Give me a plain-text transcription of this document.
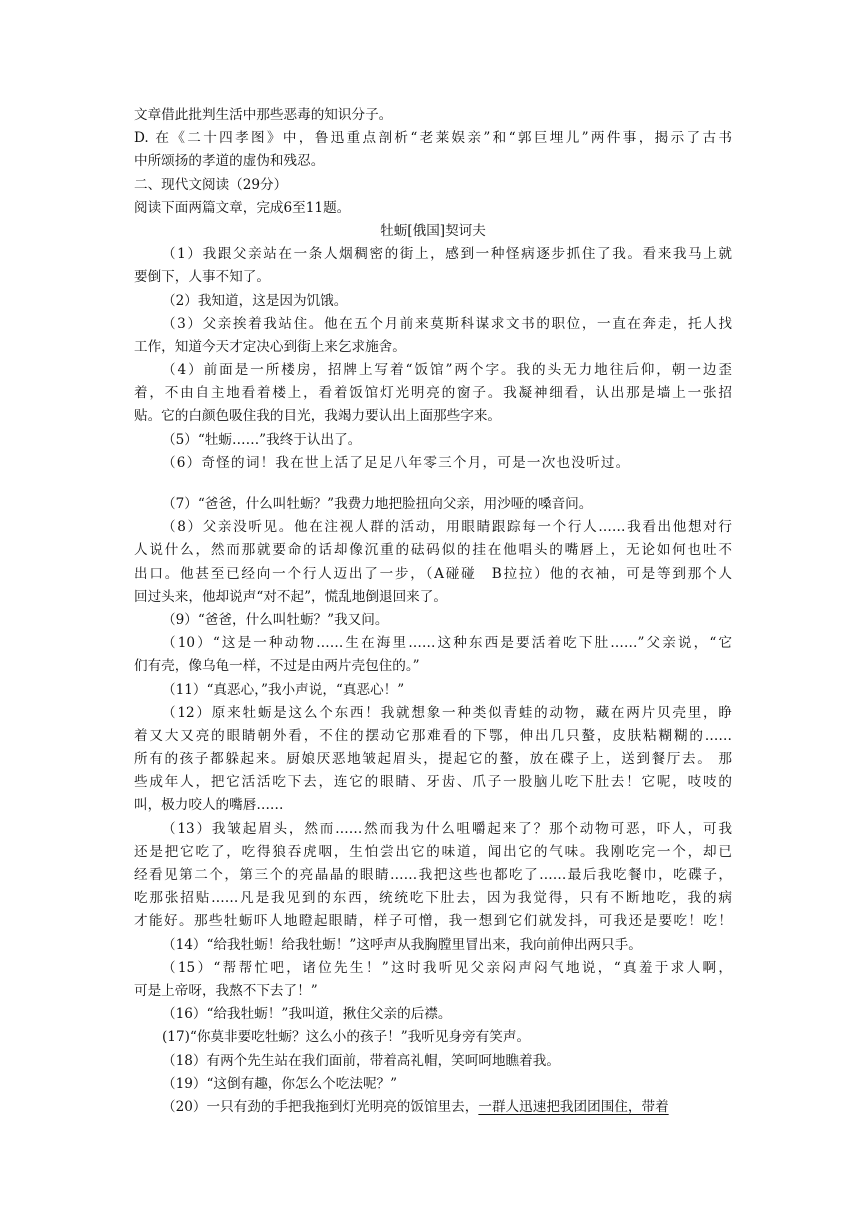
文章借此批判生活中那些恶毒的知识分子。
D. 在《二十四孝图》中，鲁迅重点剖析“老莱娱亲”和“郭巨埋儿”两件事，揭示了古书
中所颂扬的孝道的虚伪和残忍。
二、现代文阅读（29分）
阅读下面两篇文章，完成6至11题。
牡蛎[俄国]契诃夫
（1）我跟父亲站在一条人烟稠密的街上，感到一种怪病逐步抓住了我。看来我马上就
要倒下，人事不知了。
（2）我知道，这是因为饥饿。
（3）父亲挨着我站住。他在五个月前来莫斯科谋求文书的职位，一直在奔走，托人找
工作，知道今天才定决心到街上来乞求施舍。
（4）前面是一所楼房，招牌上写着“饭馆”两个字。我的头无力地往后仰，朝一边歪
着，不由自主地看着楼上，看着饭馆灯光明亮的窗子。我凝神细看，认出那是墙上一张招
贴。它的白颜色吸住我的目光，我竭力要认出上面那些字来。
（5）“牡蛎……”我终于认出了。
（6）奇怪的词！我在世上活了足足八年零三个月，可是一次也没听过。
（7）“爸爸，什么叫牡蛎？”我费力地把脸扭向父亲，用沙哑的嗓音问。
（8）父亲没听见。他在注视人群的活动，用眼睛跟踪每一个行人……我看出他想对行
人说什么，然而那就要命的话却像沉重的砝码似的挂在他唱头的嘴唇上，无论如何也吐不
出口。他甚至已经向一个行人迈出了一步，（A碰碰　B拉拉）他的衣袖，可是等到那个人
回过头来，他却说声“对不起”，慌乱地倒退回来了。
（9）“爸爸，什么叫牡蛎？”我又问。
（10）“这是一种动物……生在海里……这种东西是要活着吃下肚……”父亲说，“它
们有壳，像乌龟一样，不过是由两片壳包住的。”
（11）“真恶心，”我小声说，“真恶心！”
（12）原来牡蛎是这么个东西！我就想象一种类似青蛙的动物，藏在两片贝壳里，睁
着又大又亮的眼睛朝外看，不住的摆动它那难看的下鄂，伸出几只螯，皮肤粘糊糊的……
所有的孩子都躲起来。厨娘厌恶地皱起眉头，提起它的螯，放在碟子上，送到餐厅去。 那
些成年人，把它活活吃下去，连它的眼睛、牙齿、爪子一股脑儿吃下肚去！它呢，吱吱的
叫，极力咬人的嘴唇……
（13）我皱起眉头，然而……然而我为什么咀嚼起来了？那个动物可恶，吓人，可我
还是把它吃了，吃得狼吞虎咽，生怕尝出它的味道，闻出它的气味。我刚吃完一个，却已
经看见第二个，第三个的亮晶晶的眼睛……我把这些也都吃了……最后我吃餐巾，吃碟子，
吃那张招贴……凡是我见到的东西，统统吃下肚去，因为我觉得，只有不断地吃，我的病
才能好。那些牡蛎吓人地瞪起眼睛，样子可憎，我一想到它们就发抖，可我还是要吃！吃！
（14）“给我牡蛎！给我牡蛎！”这呼声从我胸膛里冒出来，我向前伸出两只手。
（15）“帮帮忙吧，诸位先生！”这时我听见父亲闷声闷气地说，“真羞于求人啊，
可是上帝呀，我熬不下去了！”
（16）“给我牡蛎！”我叫道，揪住父亲的后襟。
(17)“你莫非要吃牡蛎？这么小的孩子！”我听见身旁有笑声。
（18）有两个先生站在我们面前，带着高礼帽，笑呵呵地瞧着我。
（19）“这倒有趣，你怎么个吃法呢？”
（20）一只有劲的手把我拖到灯光明亮的饭馆里去，一群人迅速把我团团围住，带着
